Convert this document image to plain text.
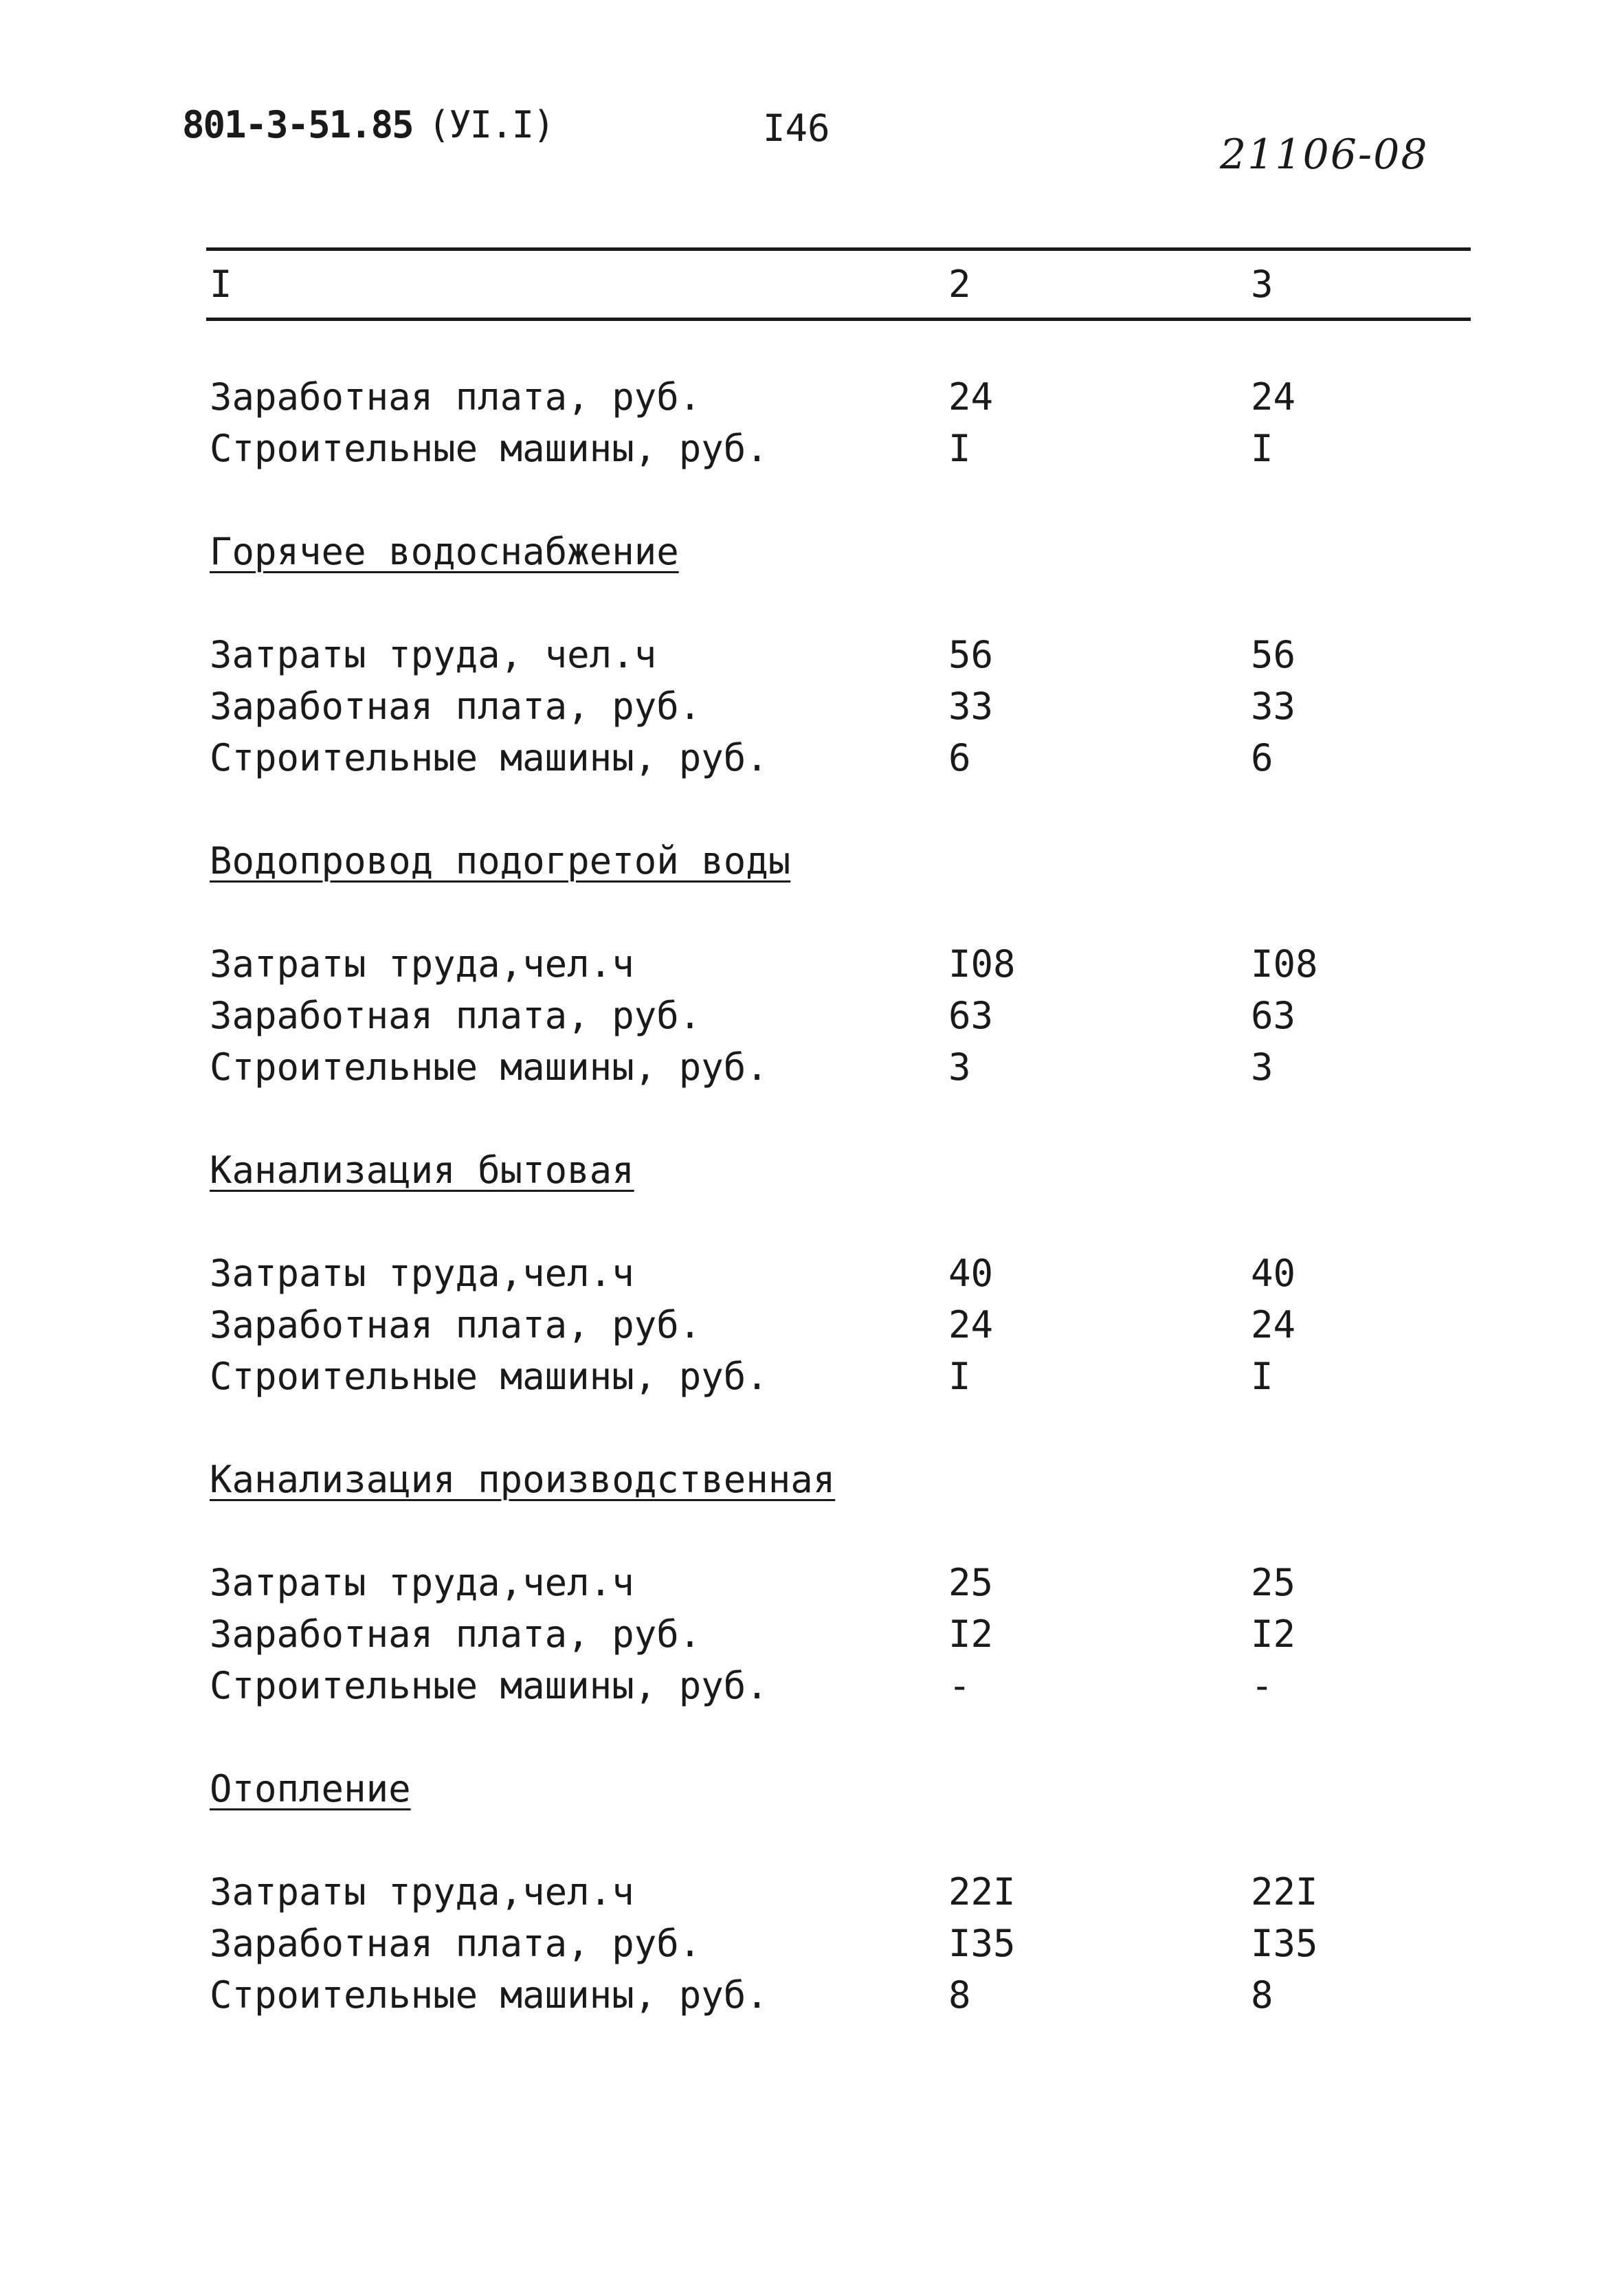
801-3-51.85 (УI.I)	I46
21106-08
I	2	3
Заработная плата, руб.	24	24
Строительные машины, руб.	I	I
Горячее водоснабжение
Затраты труда, чел.ч	56	56
Заработная плата, руб.	33	33
Строительные машины, руб.	6	6
Водопровод подогретой воды
Затраты труда,чел.ч	I08	I08
Заработная плата, руб.	63	63
Строительные машины, руб.	3	3
Канализация бытовая
Затраты труда,чел.ч	40	40
Заработная плата, руб.	24	24
Строительные машины, руб.	I	I
Канализация производственная
Затраты труда,чел.ч	25	25
Заработная плата, руб.	I2	I2
Строительные машины, руб.	-	-
Отопление
Затраты труда,чел.ч	22I	22I
Заработная плата, руб.	I35	I35
Строительные машины, руб.	8	8
